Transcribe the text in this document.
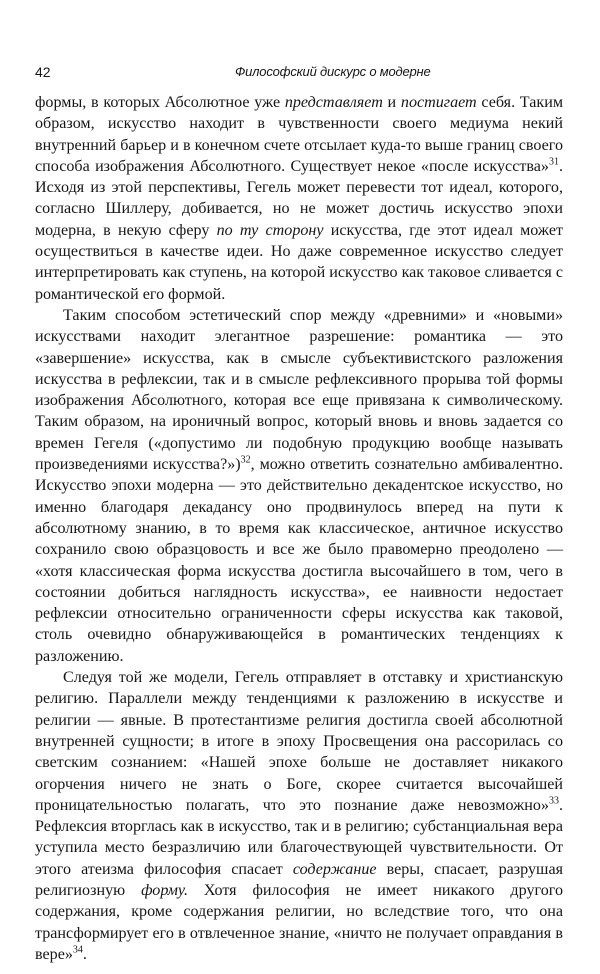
42	Философский дискурс о модерне

формы, в которых Абсолютное уже представляет и постигает себя. Таким образом, искусство находит в чувственности своего медиума некий внутренний барьер и в конечном счете отсылает куда-то выше границ своего способа изображения Абсолютного. Существует некое «после искусства»$^{31}$. Исходя из этой перспективы, Гегель может перевести тот идеал, которого, согласно Шиллеру, добивается, но не может достичь искусство эпохи модерна, в некую сферу по ту сторону искусства, где этот идеал может осуществиться в качестве идеи. Но даже современное искусство следует интерпретировать как ступень, на которой искусство как таковое сливается с романтической его формой.

Таким способом эстетический спор между «древними» и «новыми» искусствами находит элегантное разрешение: романтика — это «завершение» искусства, как в смысле субъективистского разложения искусства в рефлексии, так и в смысле рефлексивного прорыва той формы изображения Абсолютного, которая все еще привязана к символическому. Таким образом, на ироничный вопрос, который вновь и вновь задается со времен Гегеля («допустимо ли подобную продукцию вообще называть произведениями искусства?»)$^{32}$, можно ответить сознательно амбивалентно. Искусство эпохи модерна — это действительно декадентское искусство, но именно благодаря декадансу оно продвинулось вперед на пути к абсолютному знанию, в то время как классическое, античное искусство сохранило свою образцовость и все же было правомерно преодолено — «хотя классическая форма искусства достигла высочайшего в том, чего в состоянии добиться наглядность искусства», ее наивности недостает рефлексии относительно ограниченности сферы искусства как таковой, столь очевидно обнаруживающейся в романтических тенденциях к разложению.

Следуя той же модели, Гегель отправляет в отставку и христианскую религию. Параллели между тенденциями к разложению в искусстве и религии — явные. В протестантизме религия достигла своей абсолютной внутренней сущности; в итоге в эпоху Просвещения она рассорилась со светским сознанием: «Нашей эпохе больше не доставляет никакого огорчения ничего не знать о Боге, скорее считается высочайшей проницательностью полагать, что это познание даже невозможно»$^{33}$. Рефлексия вторглась как в искусство, так и в религию; субстанциальная вера уступила место безразличию или благочествующей чувствительности. От этого атеизма философия спасает содержание веры, спасает, разрушая религиозную форму. Хотя философия не имеет никакого другого содержания, кроме содержания религии, но вследствие того, что она трансформирует его в отвлеченное знание, «ничто не получает оправдания в вере»$^{34}$.
